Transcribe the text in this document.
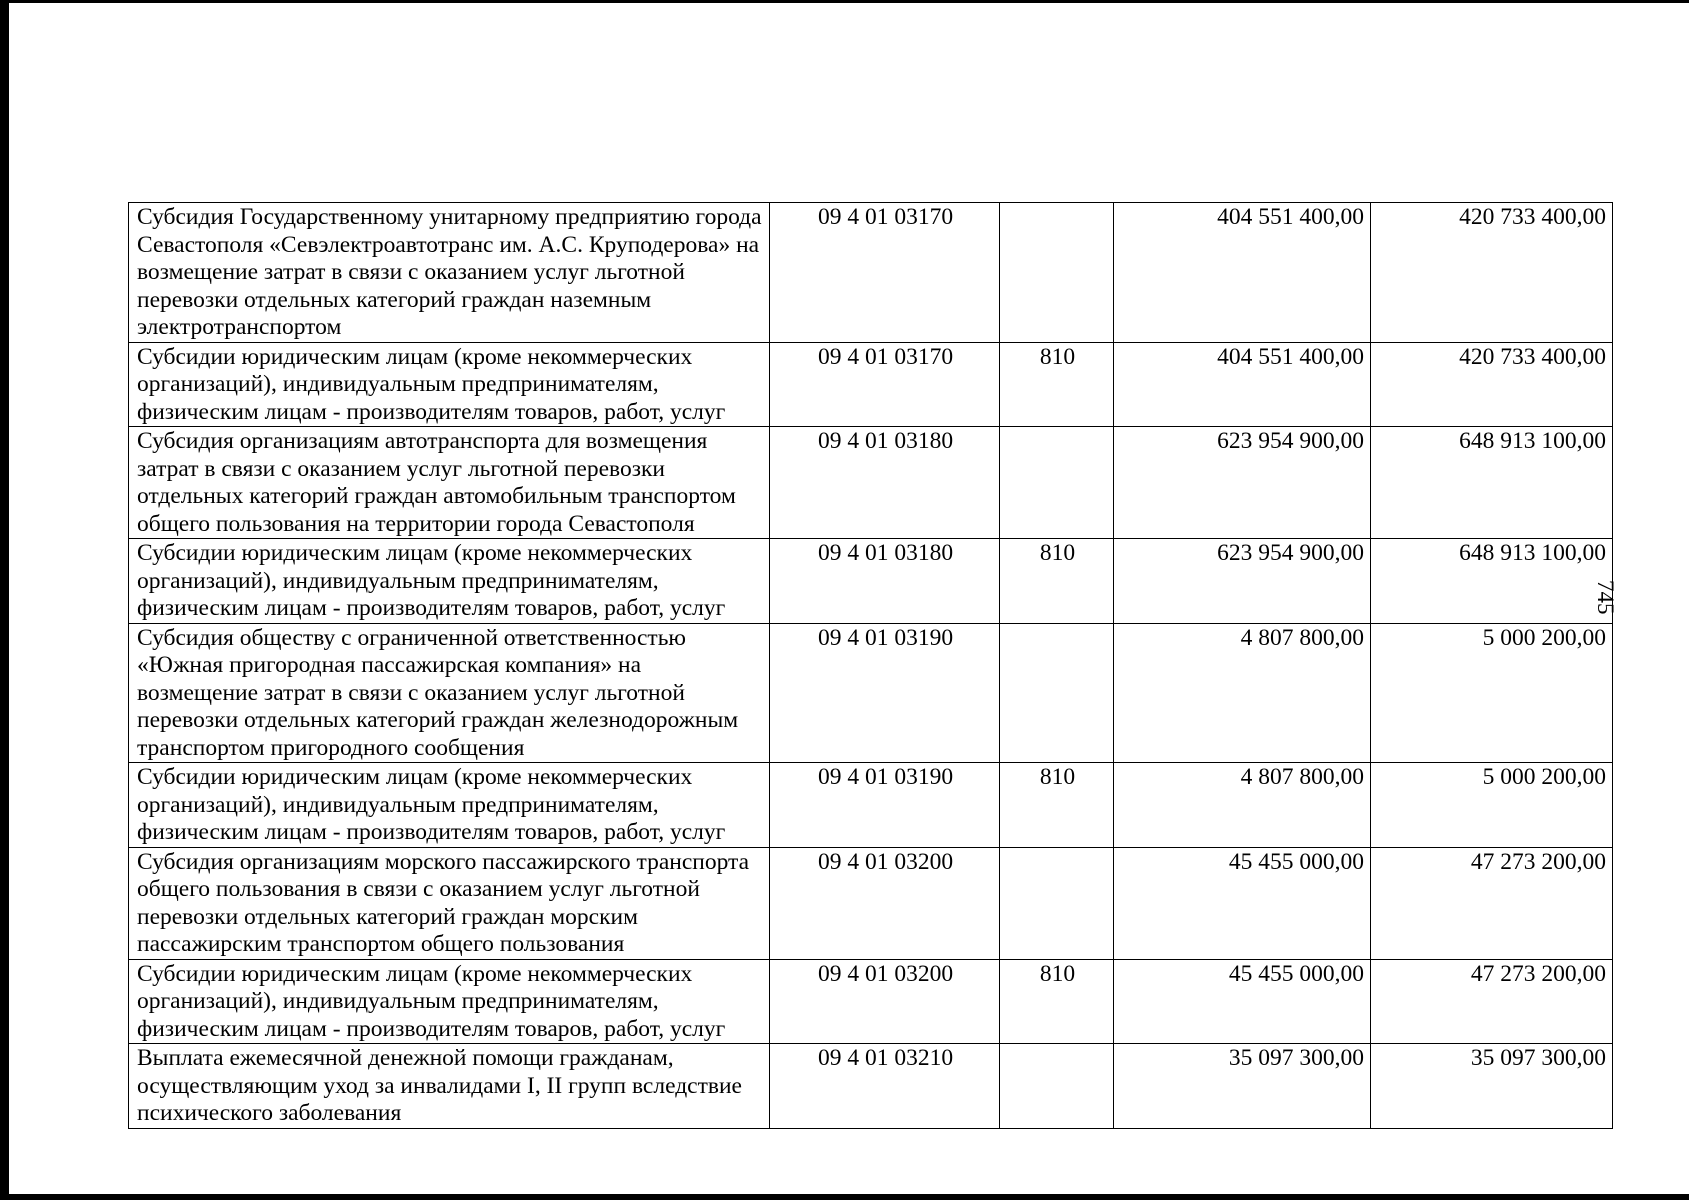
745
Субсидия Государственному унитарному предприятию города Севастополя «Севэлектроавтотранс им. А.С. Круподерова» на возмещение затрат в связи с оказанием услуг льготной перевозки отдельных категорий граждан наземным электротранспортом	09 4 01 03170		404 551 400,00	420 733 400,00
Субсидии юридическим лицам (кроме некоммерческих организаций), индивидуальным предпринимателям, физическим лицам - производителям товаров, работ, услуг	09 4 01 03170	810	404 551 400,00	420 733 400,00
Субсидия организациям автотранспорта для возмещения затрат в связи с оказанием услуг льготной перевозки отдельных категорий граждан автомобильным транспортом общего пользования на территории города Севастополя	09 4 01 03180		623 954 900,00	648 913 100,00
Субсидии юридическим лицам (кроме некоммерческих организаций), индивидуальным предпринимателям, физическим лицам - производителям товаров, работ, услуг	09 4 01 03180	810	623 954 900,00	648 913 100,00
Субсидия обществу с ограниченной ответственностью «Южная пригородная пассажирская компания» на возмещение затрат в связи с оказанием услуг льготной перевозки отдельных категорий граждан железнодорожным транспортом пригородного сообщения	09 4 01 03190		4 807 800,00	5 000 200,00
Субсидии юридическим лицам (кроме некоммерческих организаций), индивидуальным предпринимателям, физическим лицам - производителям товаров, работ, услуг	09 4 01 03190	810	4 807 800,00	5 000 200,00
Субсидия организациям морского пассажирского транспорта общего пользования в связи с оказанием услуг льготной перевозки отдельных категорий граждан морским пассажирским транспортом общего пользования	09 4 01 03200		45 455 000,00	47 273 200,00
Субсидии юридическим лицам (кроме некоммерческих организаций), индивидуальным предпринимателям, физическим лицам - производителям товаров, работ, услуг	09 4 01 03200	810	45 455 000,00	47 273 200,00
Выплата ежемесячной денежной помощи гражданам, осуществляющим уход за инвалидами I, II групп вследствие психического заболевания	09 4 01 03210		35 097 300,00	35 097 300,00
